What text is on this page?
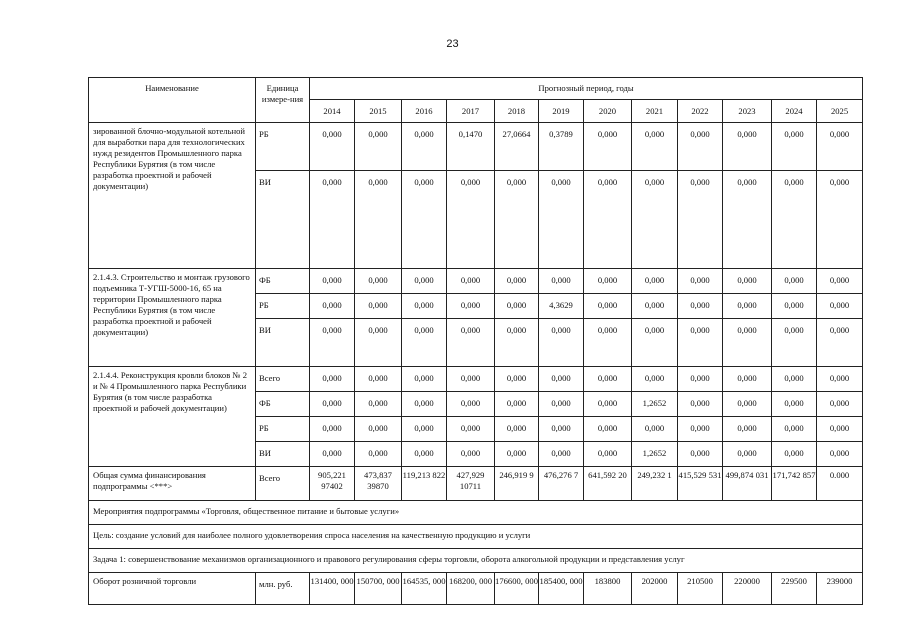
23
Наименование	Единица измере-ния	Прогнозный период, годы											
		2014	2015	2016	2017	2018	2019	2020	2021	2022	2023	2024	2025
зированной блочно-модульной котельной для выработки пара для технологических нужд резидентов Промышленного парка Республики Бурятия (в том числе разработка проектной и рабочей документации)	РБ	0,000	0,000	0,000	0,1470	27,0664	0,3789	0,000	0,000	0,000	0,000	0,000	0,000
	ВИ	0,000	0,000	0,000	0,000	0,000	0,000	0,000	0,000	0,000	0,000	0,000	0,000
2.1.4.3. Строительство и монтаж грузового подъемника Т-УГШ-5000-16, 65 на территории Промышленного парка Республики Бурятия (в том числе разработка проектной и рабочей документации)	ФБ	0,000	0,000	0,000	0,000	0,000	0,000	0,000	0,000	0,000	0,000	0,000	0,000
	РБ	0,000	0,000	0,000	0,000	0,000	4,3629	0,000	0,000	0,000	0,000	0,000	0,000
	ВИ	0,000	0,000	0,000	0,000	0,000	0,000	0,000	0,000	0,000	0,000	0,000	0,000
2.1.4.4. Реконструкция кровли блоков № 2 и № 4 Промышленного парка Республики Бурятия (в том числе разработка проектной и рабочей документации)	Всего	0,000	0,000	0,000	0,000	0,000	0,000	0,000	0,000	0,000	0,000	0,000	0,000
	ФБ	0,000	0,000	0,000	0,000	0,000	0,000	0,000	1,2652	0,000	0,000	0,000	0,000
	РБ	0,000	0,000	0,000	0,000	0,000	0,000	0,000	0,000	0,000	0,000	0,000	0,000
	ВИ	0,000	0,000	0,000	0,000	0,000	0,000	0,000	1,2652	0,000	0,000	0,000	0,000
Общая сумма финансирования подпрограммы <***>	Всего	905,221 97402	473,837 39870	119,213 822	427,929 10711	246,919 9	476,276 7	641,592 20	249,232 1	415,529 531	499,874 031	171,742 857	0.000
Мероприятия подпрограммы «Торговля, общественное питание и бытовые услуги»													
Цель: создание условий для наиболее полного удовлетворения спроса населения на качественную продукцию и услуги													
Задача 1: совершенствование механизмов организационного и правового регулирования сферы торговли, оборота алкогольной продукции и представления услуг													
Оборот розничной торговли	млн. руб.	131400, 000	150700, 000	164535, 000	168200, 000	176600, 000	185400, 000	183800	202000	210500	220000	229500	239000
